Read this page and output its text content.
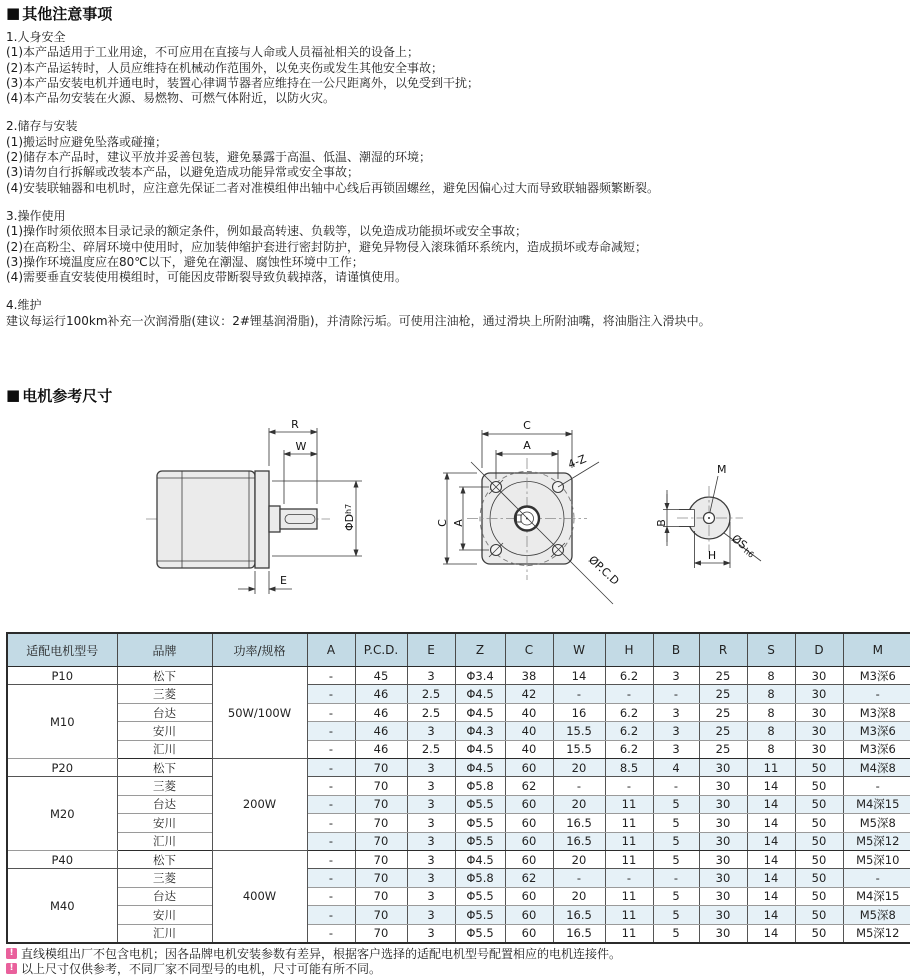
■ 其他注意事项
1.人身安全
(1)本产品适用于工业用途，不可应用在直接与人命或人员福祉相关的设备上；
(2)本产品运转时，人员应维持在机械动作范围外，以免夹伤或发生其他安全事故；
(3)本产品安装电机并通电时，装置心律调节器者应维持在一公尺距离外，以免受到干扰；
(4)本产品勿安装在火源、易燃物、可燃气体附近，以防火灾。
2.储存与安装
(1)搬运时应避免坠落或碰撞；
(2)储存本产品时，建议平放并妥善包装，避免暴露于高温、低温、潮湿的环境；
(3)请勿自行拆解或改装本产品，以避免造成功能异常或安全事故；
(4)安装联轴器和电机时，应注意先保证二者对准模组伸出轴中心线后再锁固螺丝，避免因偏心过大而导致联轴器频繁断裂。
3.操作使用
(1)操作时须依照本目录记录的额定条件，例如最高转速、负载等，以免造成功能损坏或安全事故；
(2)在高粉尘、碎屑环境中使用时，应加装伸缩护套进行密封防护，避免异物侵入滚珠循环系统内，造成损坏或寿命减短；
(3)操作环境温度应在80℃以下，避免在潮湿、腐蚀性环境中工作；
(4)需要垂直安装使用模组时，可能因皮带断裂导致负载掉落，请谨慎使用。
4.维护
建议每运行100km补充一次润滑脂(建议：2#锂基润滑脂)，并清除污垢。可使用注油枪，通过滑块上所附油嘴，将油脂注入滑块中。
■ 电机参考尺寸
R
W
ΦD
h7
E
C
A
C A
4-Z
ØP.C.D
M
B
H
ØS
h6
适配电机型号	品牌	功率/规格	A	P.C.D.	E	Z	C	W	H	B	R	S	D	M
P10	松下	50W/100W	-	45	3	Φ3.4	38	14	6.2	3	25	8	30	M3深6
M10	三菱		-	46	2.5	Φ4.5	42	-	-	-	25	8	30	-
	台达		-	46	2.5	Φ4.5	40	16	6.2	3	25	8	30	M3深8
	安川		-	46	3	Φ4.3	40	15.5	6.2	3	25	8	30	M3深6
	汇川		-	46	2.5	Φ4.5	40	15.5	6.2	3	25	8	30	M3深6
P20	松下	200W	-	70	3	Φ4.5	60	20	8.5	4	30	11	50	M4深8
M20	三菱		-	70	3	Φ5.8	62	-	-	-	30	14	50	-
	台达		-	70	3	Φ5.5	60	20	11	5	30	14	50	M4深15
	安川		-	70	3	Φ5.5	60	16.5	11	5	30	14	50	M5深8
	汇川		-	70	3	Φ5.5	60	16.5	11	5	30	14	50	M5深12
P40	松下	400W	-	70	3	Φ4.5	60	20	11	5	30	14	50	M5深10
M40	三菱		-	70	3	Φ5.8	62	-	-	-	30	14	50	-
	台达		-	70	3	Φ5.5	60	20	11	5	30	14	50	M4深15
	安川		-	70	3	Φ5.5	60	16.5	11	5	30	14	50	M5深8
	汇川		-	70	3	Φ5.5	60	16.5	11	5	30	14	50	M5深12
! 直线模组出厂不包含电机；因各品牌电机安装参数有差异，根据客户选择的适配电机型号配置相应的电机连接件。
! 以上尺寸仅供参考，不同厂家不同型号的电机，尺寸可能有所不同。
